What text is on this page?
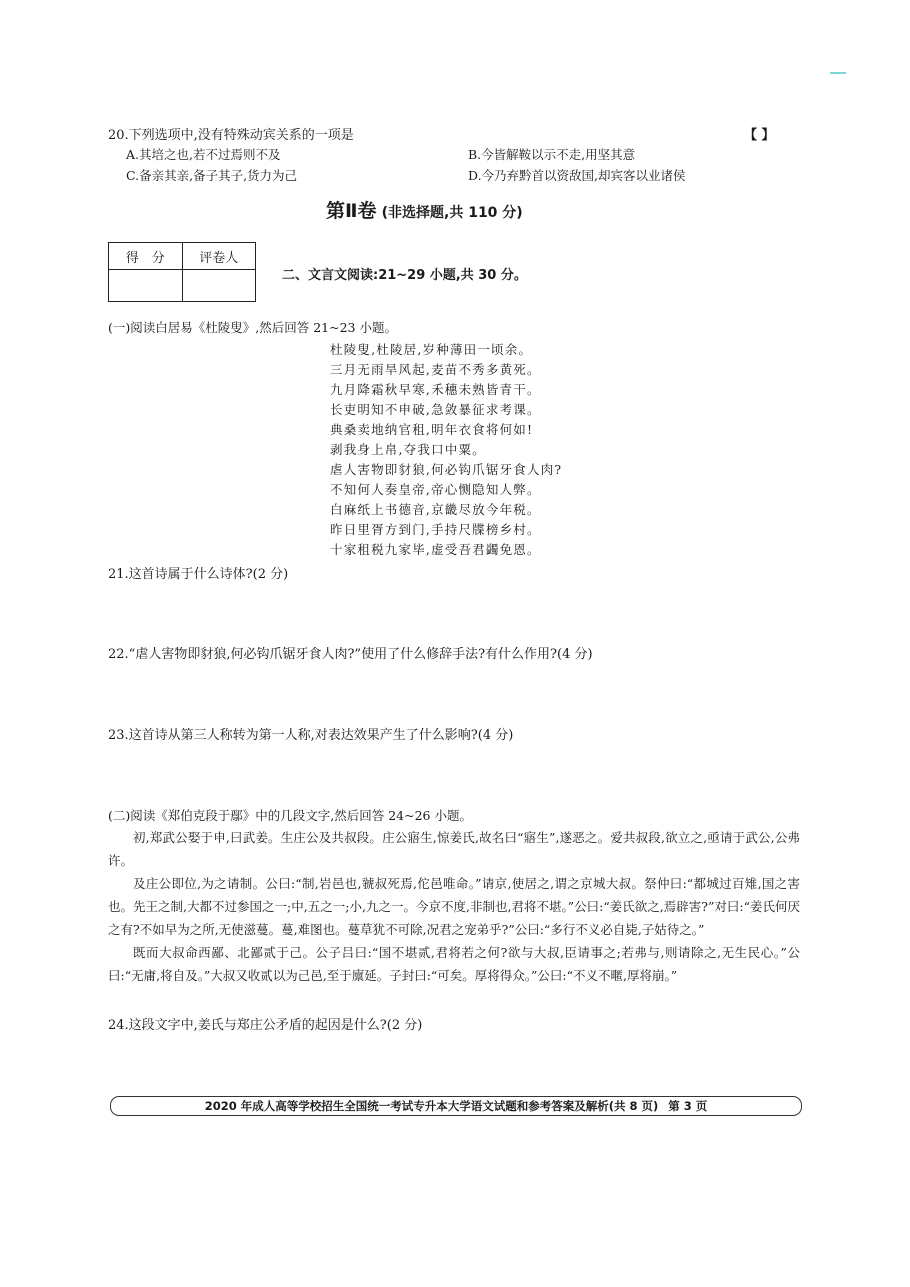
20.下列选项中,没有特殊动宾关系的一项是	【 】
A.其培之也,若不过焉则不及	B.今皆解鞍以示不走,用坚其意
C.备亲其亲,备子其子,货力为己	D.今乃弃黔首以资敌国,却宾客以业诸侯
第Ⅱ卷 (非选择题,共 110 分)
得　分	评卷人

二、文言文阅读:21~29 小题,共 30 分。
(一)阅读白居易《杜陵叟》,然后回答 21~23 小题。
杜陵叟,杜陵居,岁种薄田一顷余。
三月无雨旱风起,麦苗不秀多黄死。
九月降霜秋早寒,禾穗未熟皆青干。
长吏明知不申破,急敛暴征求考课。
典桑卖地纳官租,明年衣食将何如!
剥我身上帛,夺我口中粟。
虐人害物即豺狼,何必钩爪锯牙食人肉?
不知何人奏皇帝,帝心恻隐知人弊。
白麻纸上书德音,京畿尽放今年税。
昨日里胥方到门,手持尺牒榜乡村。
十家租税九家毕,虚受吾君蠲免恩。
21.这首诗属于什么诗体?(2 分)
22.“虐人害物即豺狼,何必钩爪锯牙食人肉?”使用了什么修辞手法?有什么作用?(4 分)
23.这首诗从第三人称转为第一人称,对表达效果产生了什么影响?(4 分)
(二)阅读《郑伯克段于鄢》中的几段文字,然后回答 24~26 小题。

初,郑武公娶于申,曰武姜。生庄公及共叔段。庄公寤生,惊姜氏,故名曰“寤生”,遂恶之。爱共叔段,欲立之,亟请于武公,公弗许。

及庄公即位,为之请制。公曰:“制,岩邑也,虢叔死焉,佗邑唯命。”请京,使居之,谓之京城大叔。祭仲曰:“都城过百雉,国之害也。先王之制,大都不过参国之一;中,五之一;小,九之一。今京不度,非制也,君将不堪。”公曰:“姜氏欲之,焉辟害?”对曰:“姜氏何厌之有?不如早为之所,无使滋蔓。蔓,难图也。蔓草犹不可除,况君之宠弟乎?”公曰:“多行不义必自毙,子姑待之。”

既而大叔命西鄙、北鄙贰于己。公子吕曰:“国不堪贰,君将若之何?欲与大叔,臣请事之;若弗与,则请除之,无生民心。”公曰:“无庸,将自及。”大叔又收贰以为己邑,至于廪延。子封曰:“可矣。厚将得众。”公曰:“不义不暱,厚将崩。”

24.这段文字中,姜氏与郑庄公矛盾的起因是什么?(2 分)
2020 年成人高等学校招生全国统一考试专升本大学语文试题和参考答案及解析(共 8 页) 第 3 页
